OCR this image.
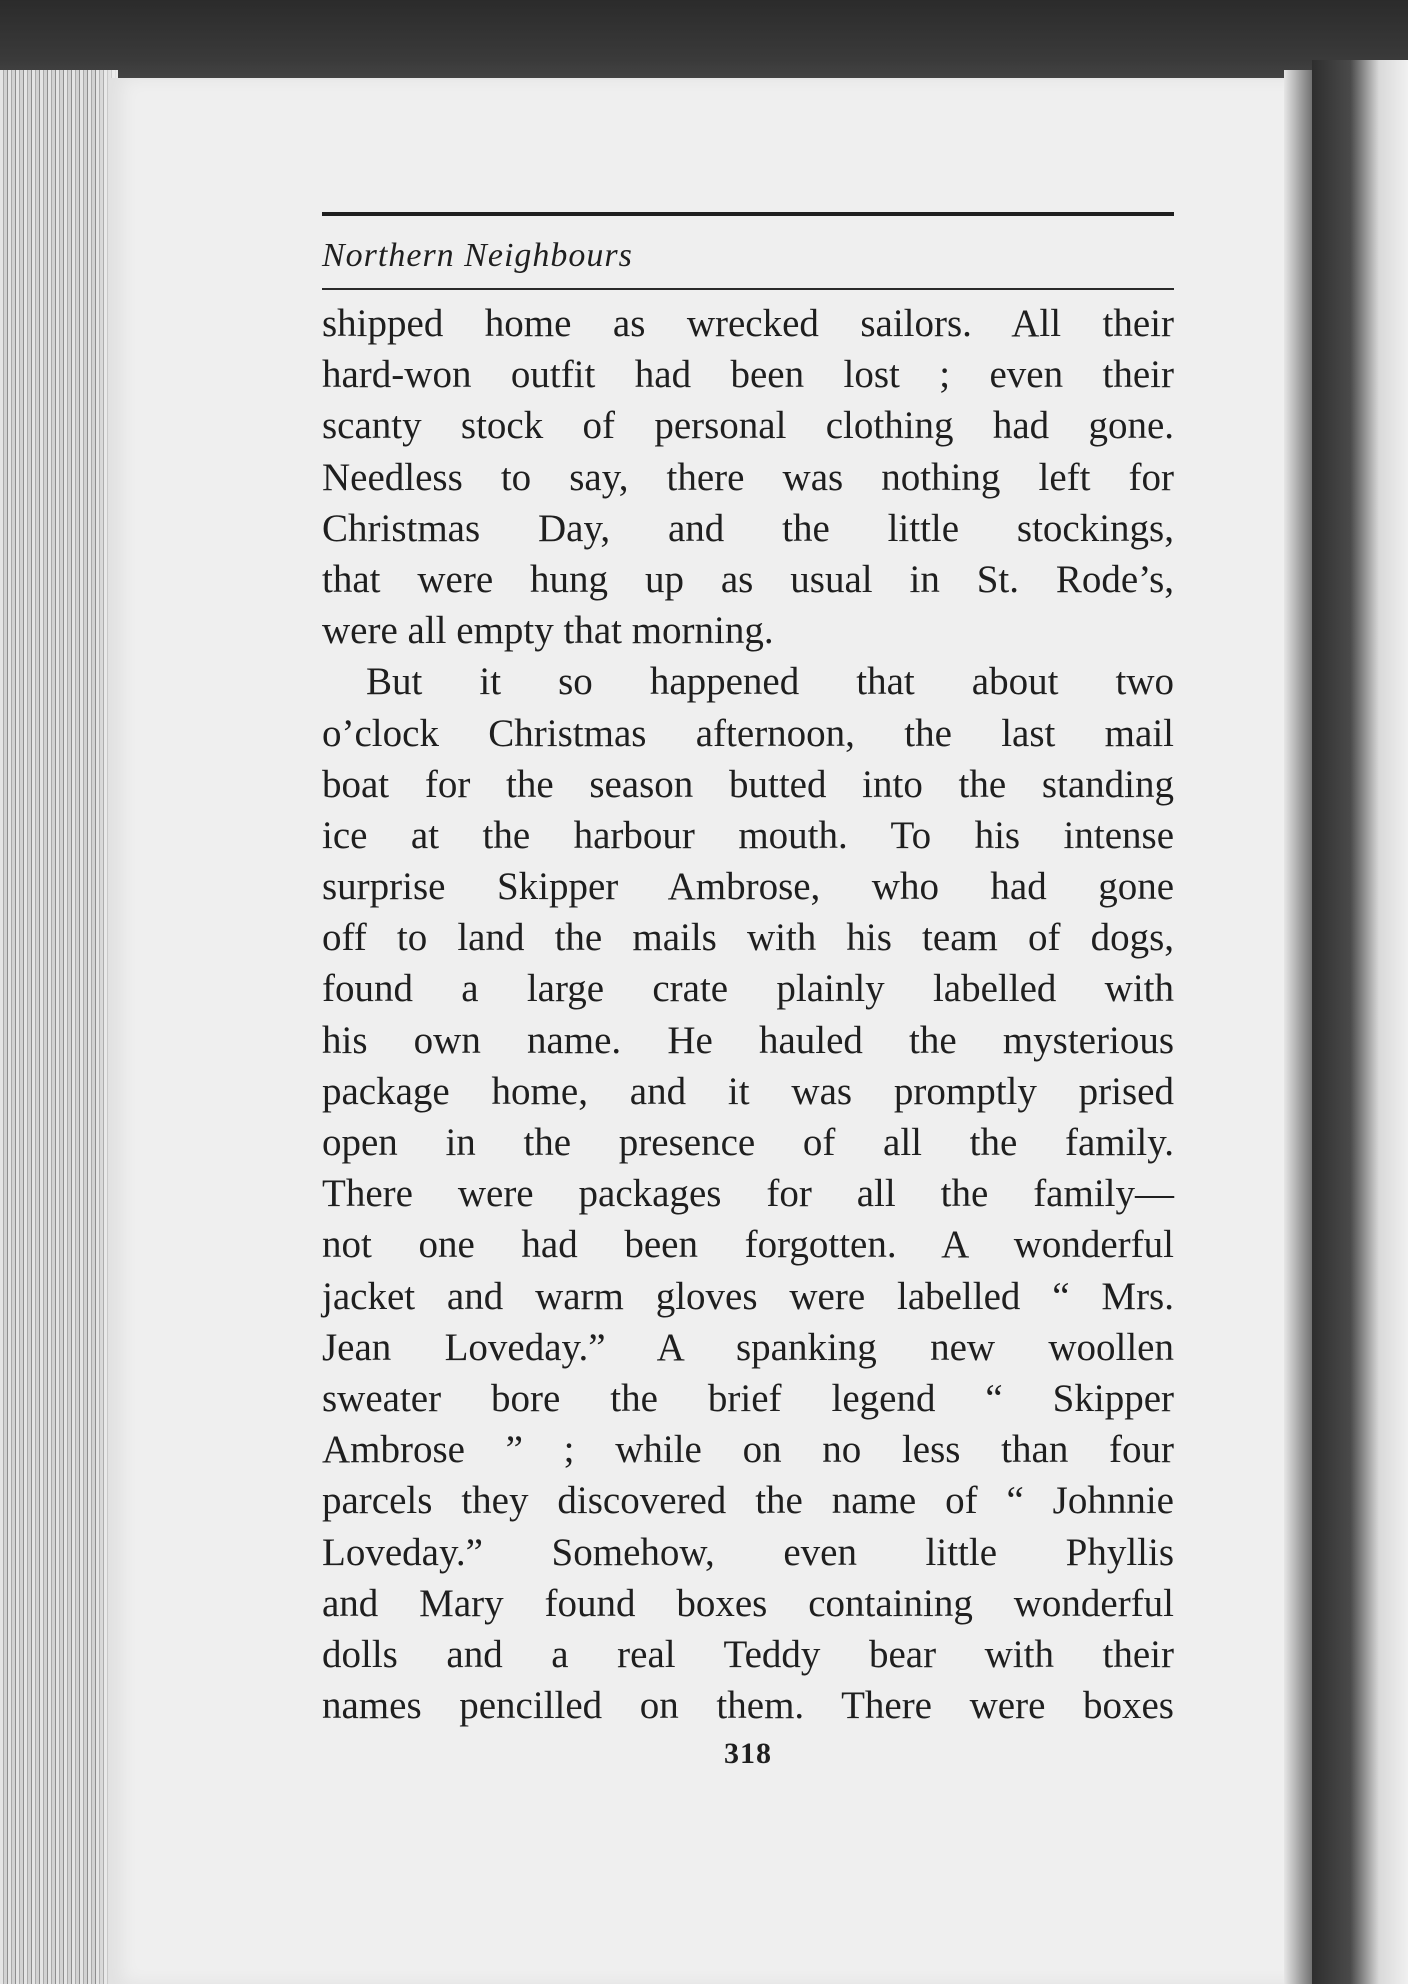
Northern Neighbours
shipped home as wrecked sailors. All their
hard-won outfit had been lost ; even their
scanty stock of personal clothing had gone.
Needless to say, there was nothing left for
Christmas Day, and the little stockings,
that were hung up as usual in St. Rode’s,
were all empty that morning.
But it so happened that about two
o’clock Christmas afternoon, the last mail
boat for the season butted into the standing
ice at the harbour mouth. To his intense
surprise Skipper Ambrose, who had gone
off to land the mails with his team of dogs,
found a large crate plainly labelled with
his own name. He hauled the mysterious
package home, and it was promptly prised
open in the presence of all the family.
There were packages for all the family—
not one had been forgotten. A wonderful
jacket and warm gloves were labelled “ Mrs.
Jean Loveday.” A spanking new woollen
sweater bore the brief legend “ Skipper
Ambrose ” ; while on no less than four
parcels they discovered the name of “ Johnnie
Loveday.” Somehow, even little Phyllis
and Mary found boxes containing wonderful
dolls and a real Teddy bear with their
names pencilled on them. There were boxes
318
